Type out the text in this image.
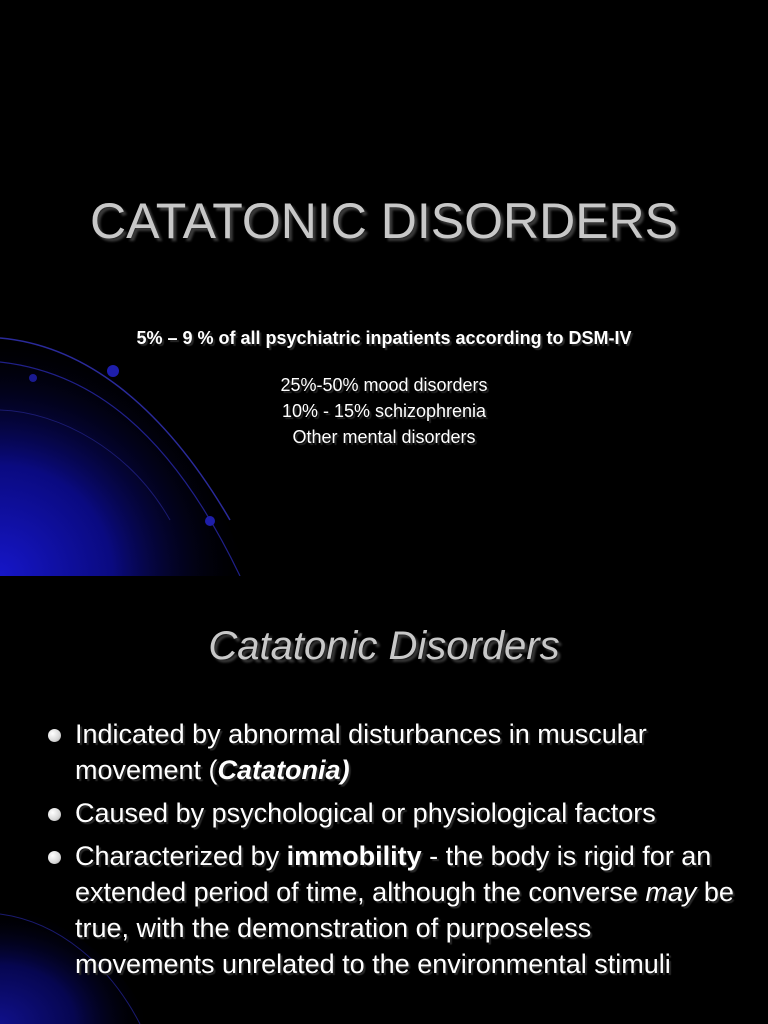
CATATONIC DISORDERS
5% – 9 % of all psychiatric inpatients according to DSM-IV
25%-50% mood disorders
10% - 15% schizophrenia
Other mental disorders
Catatonic Disorders
Indicated by abnormal disturbances in muscular movement (Catatonia)
Caused by psychological or physiological factors
Characterized by immobility - the body is rigid for an extended period of time, although the converse may be true, with the demonstration of purposeless movements unrelated to the environmental stimuli
